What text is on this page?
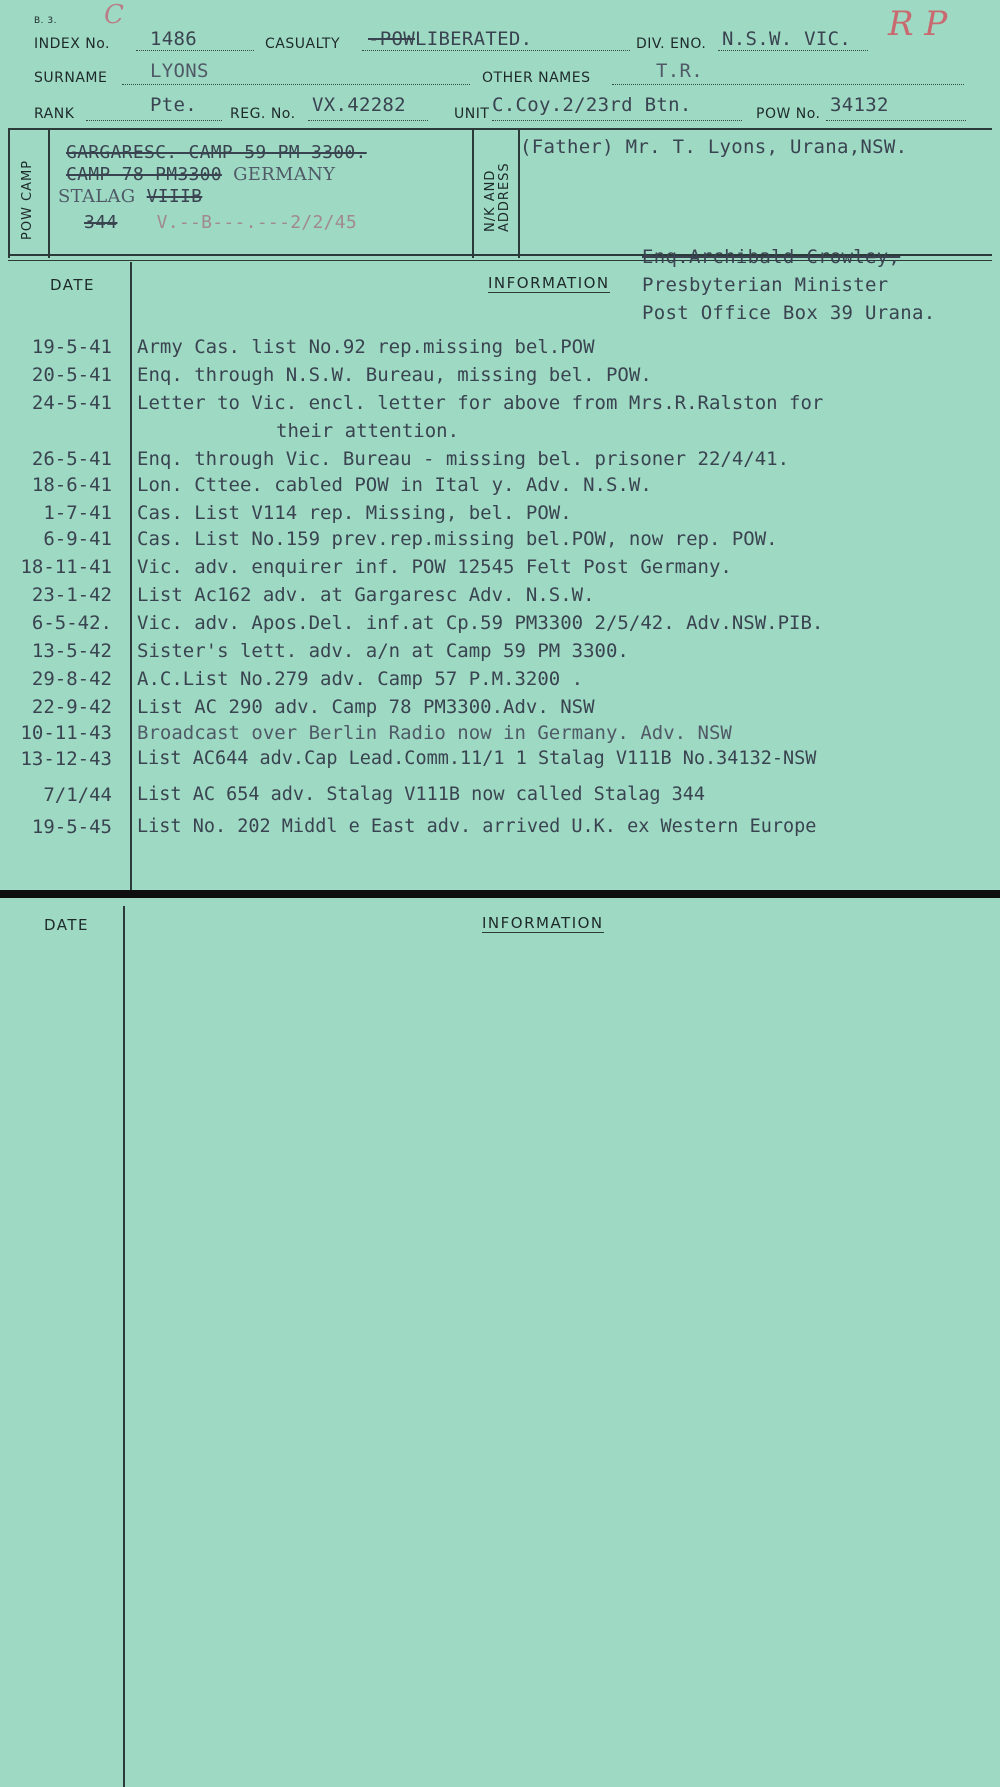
B. 3. C	R P
INDEX No. 1486	CASUALTY -POWLIBERATED.	DIV. ENO. N.S.W. VIC.
SURNAME LYONS	OTHER NAMES	T.R.
RANK	Pte. REG. No. VX.42282	UNIT C.Coy.2/23rd Btn.	POW No. 34132
POW CAMP	N/K AND ADDRESS
GARGARESC. CAMP 59 PM 3300.
CAMP 78 PM3300 GERMANY
STALAG VIIIB
344 V.--B---.---2/2/45
(Father) Mr. T. Lyons, Urana,NSW.
Enq.Archibald Crowley,
Presbyterian Minister
Post Office Box 39 Urana.
DATE	INFORMATION
19-5-41 Army Cas. list No.92 rep.missing bel.POW
20-5-41 Enq. through N.S.W. Bureau, missing bel. POW.
24-5-41 Letter to Vic. encl. letter for above from Mrs.R.Ralston for
their attention.
26-5-41 Enq. through Vic. Bureau - missing bel. prisoner 22/4/41.
18-6-41 Lon. Cttee. cabled POW in Ital y. Adv. N.S.W.
1-7-41 Cas. List V114 rep. Missing, bel. POW.
6-9-41 Cas. List No.159 prev.rep.missing bel.POW, now rep. POW.
18-11-41 Vic. adv. enquirer inf. POW 12545 Felt Post Germany.
23-1-42 List Ac162 adv. at Gargaresc Adv. N.S.W.
6-5-42. Vic. adv. Apos.Del. inf.at Cp.59 PM3300 2/5/42. Adv.NSW.PIB.
13-5-42 Sister's lett. adv. a/n at Camp 59 PM 3300.
29-8-42 A.C.List No.279 adv. Camp 57 P.M.3200 .
22-9-42 List AC 290 adv. Camp 78 PM3300.Adv. NSW
10-11-43 Broadcast over Berlin Radio now in Germany. Adv. NSW
13-12-43 List AC644 adv.Cap Lead.Comm.11/1 1 Stalag V111B No.34132-NSW
7/1/44 List AC 654 adv. Stalag V111B now called Stalag 344
19-5-45 List No. 202 Middl e East adv. arrived U.K. ex Western Europe
DATE	INFORMATION
